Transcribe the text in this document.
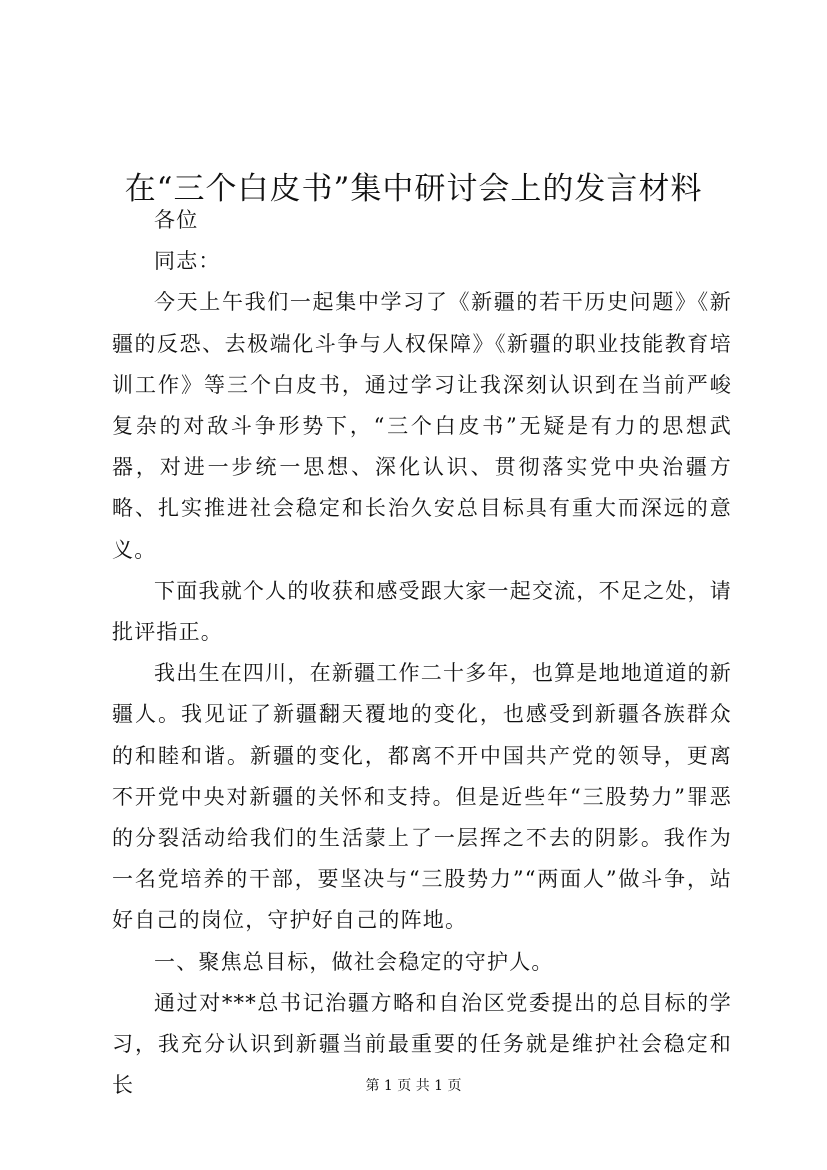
在“三个白皮书”集中研讨会上的发言材料

各位

同志：

今天上午我们一起集中学习了《新疆的若干历史问题》《新疆的反恐、去极端化斗争与人权保障》《新疆的职业技能教育培训工作》等三个白皮书，通过学习让我深刻认识到在当前严峻复杂的对敌斗争形势下，“三个白皮书”无疑是有力的思想武器，对进一步统一思想、深化认识、贯彻落实党中央治疆方略、扎实推进社会稳定和长治久安总目标具有重大而深远的意义。

下面我就个人的收获和感受跟大家一起交流，不足之处，请批评指正。

我出生在四川，在新疆工作二十多年，也算是地地道道的新疆人。我见证了新疆翻天覆地的变化，也感受到新疆各族群众的和睦和谐。新疆的变化，都离不开中国共产党的领导，更离不开党中央对新疆的关怀和支持。但是近些年“三股势力”罪恶的分裂活动给我们的生活蒙上了一层挥之不去的阴影。我作为一名党培养的干部，要坚决与“三股势力”“两面人”做斗争，站好自己的岗位，守护好自己的阵地。

一、聚焦总目标，做社会稳定的守护人。

通过对***总书记治疆方略和自治区党委提出的总目标的学习，我充分认识到新疆当前最重要的任务就是维护社会稳定和长	第 1 页 共 1 页
